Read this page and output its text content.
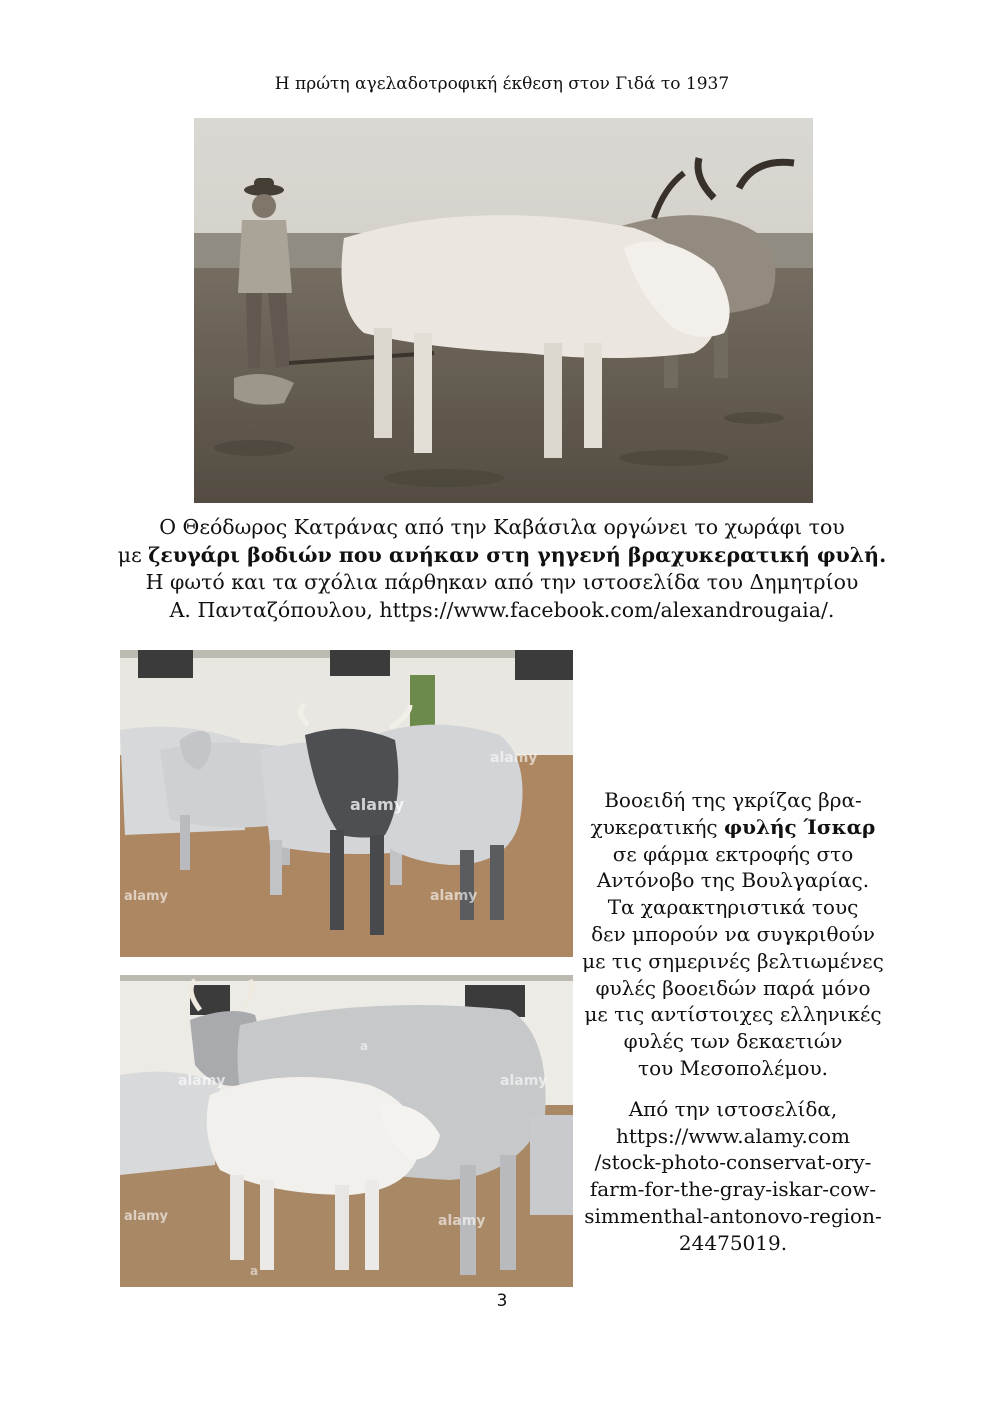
Η πρώτη αγελαδοτροφική έκθεση στον Γιδά το 1937
Ο Θεόδωρος Κατράνας από την Καβάσιλα οργώνει το χωράφι του
με ζευγάρι βοδιών που ανήκαν στη γηγενή βραχυκερατική φυλή.
Η φωτό και τα σχόλια πάρθηκαν από την ιστοσελίδα του Δημητρίου
Α. Πανταζόπουλου, https://www.facebook.com/alexandrougaia/.
alamy
alamy
alamy	alamy
alamy	alamy
alamy	alamy
a
a

Βοοειδή της γκρίζας βρα-

χυκερατικής φυλής Ίσκαρ

σε φάρμα εκτροφής στο

Αντόνοβο της Βουλγαρίας.

Τα χαρακτηριστικά τους

δεν μπορούν να συγκριθούν

με τις σημερινές βελτιωμένες

φυλές βοοειδών παρά μόνο

με τις αντίστοιχες ελληνικές

φυλές των δεκαετιών

του Μεσοπολέμου.

Από την ιστοσελίδα,

https://www.alamy.com

/stock-photo-conservat-ory-

farm-for-the-gray-iskar-cow-

simmenthal-antonovo-region-

24475019.

3
